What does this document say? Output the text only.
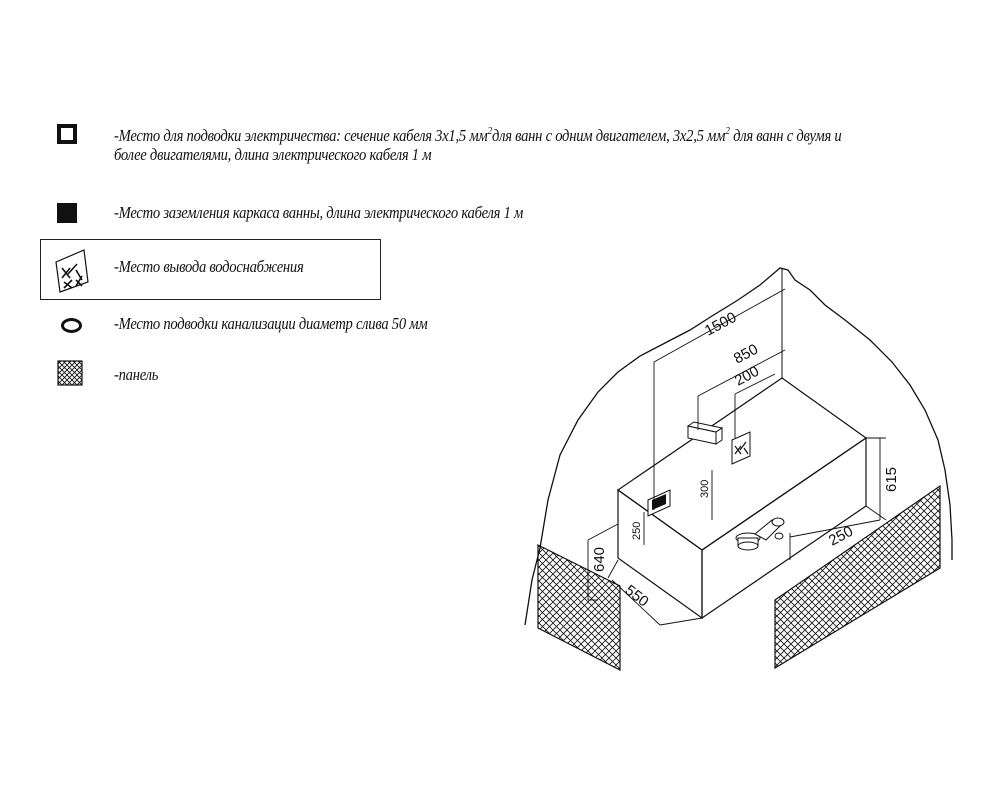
1500
850
200
615
250
300
250
640
550
-Место для подводки электричества: сечение кабеля 3х1,5 $мм^2для$ ванн с одним двигателем, 3х2,5 $мм^2$ для ванн с двумя и
более двигателями, длина электрического кабеля 1 м
-Место заземления каркаса ванны, длина электрического кабеля 1 м
-Место вывода водоснабжения
-Место подводки канализации диаметр слива 50 мм
-панель
